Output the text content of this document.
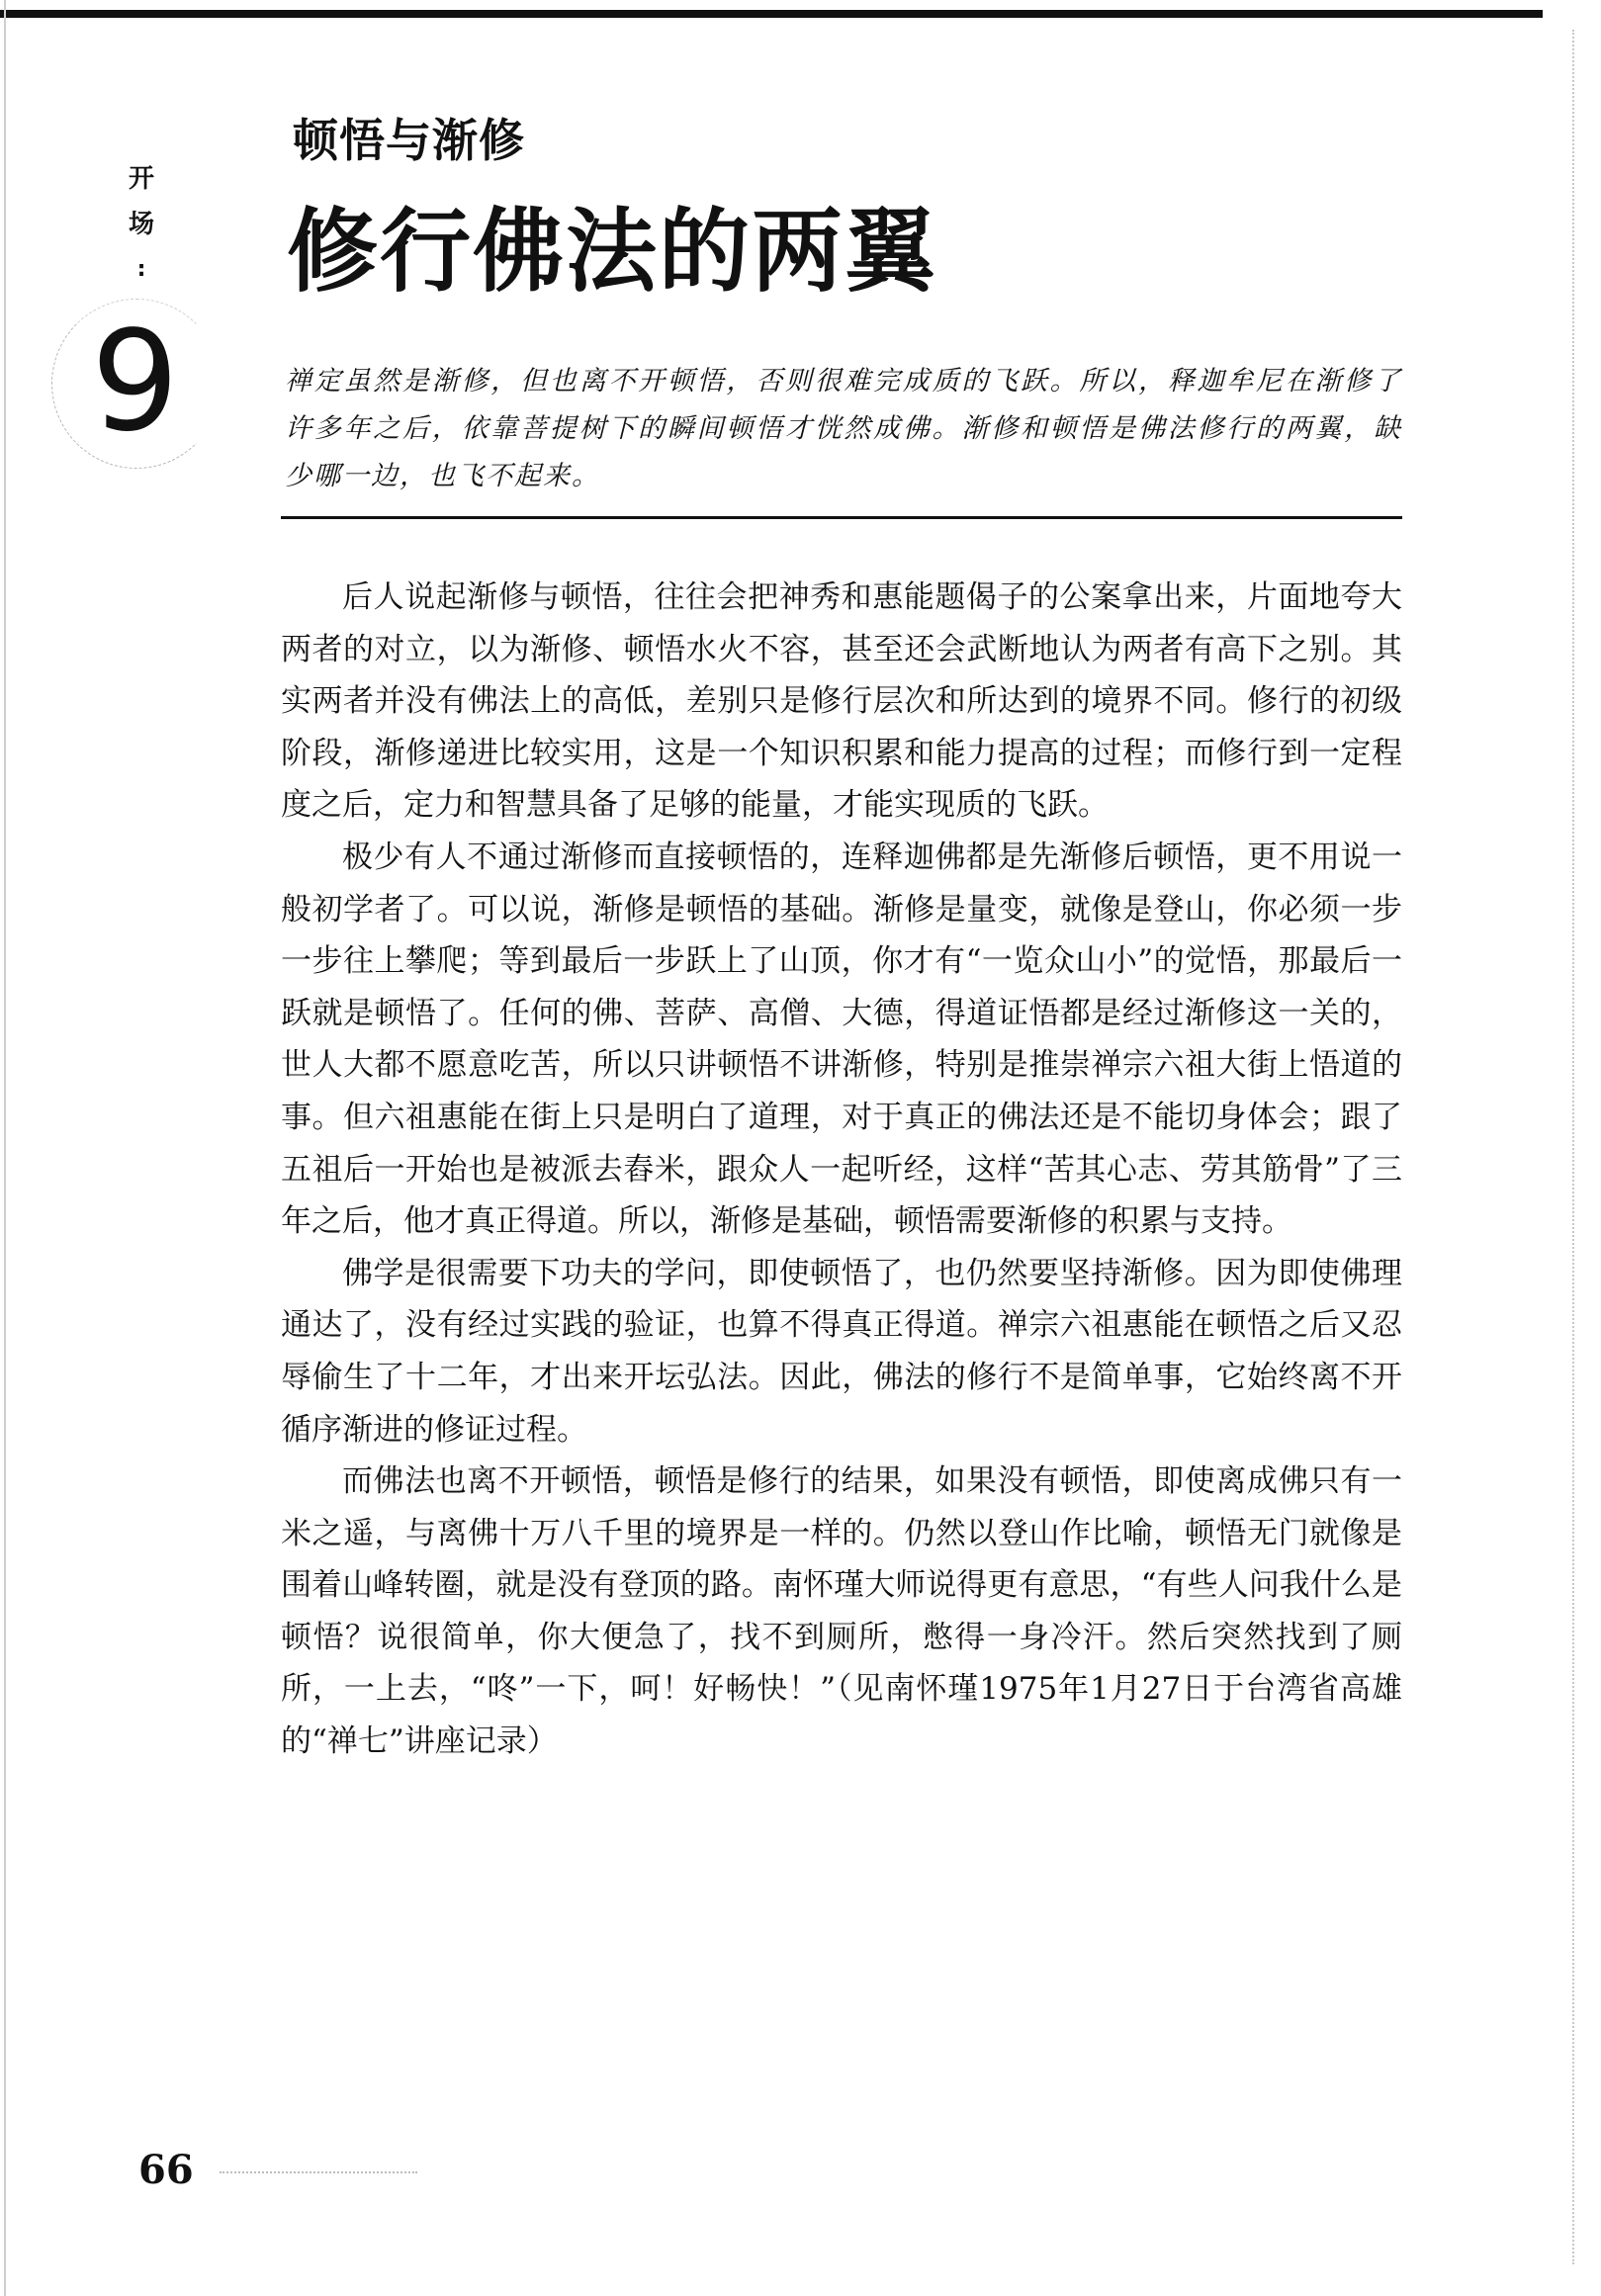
开
场
:
9
顿悟与渐修
修行佛法的两翼
禅定虽然是渐修，但也离不开顿悟，否则很难完成质的飞跃。所以，释迦牟尼在渐修了许多年之后，依靠菩提树下的瞬间顿悟才恍然成佛。渐修和顿悟是佛法修行的两翼，缺少哪一边，也飞不起来。

后人说起渐修与顿悟，往往会把神秀和惠能题偈子的公案拿出来，片面地夸大两者的对立，以为渐修、顿悟水火不容，甚至还会武断地认为两者有高下之别。其实两者并没有佛法上的高低，差别只是修行层次和所达到的境界不同。修行的初级阶段，渐修递进比较实用，这是一个知识积累和能力提高的过程；而修行到一定程度之后，定力和智慧具备了足够的能量，才能实现质的飞跃。

极少有人不通过渐修而直接顿悟的，连释迦佛都是先渐修后顿悟，更不用说一般初学者了。可以说，渐修是顿悟的基础。渐修是量变，就像是登山，你必须一步一步往上攀爬；等到最后一步跃上了山顶，你才有“一览众山小”的觉悟，那最后一跃就是顿悟了。任何的佛、菩萨、高僧、大德，得道证悟都是经过渐修这一关的，世人大都不愿意吃苦，所以只讲顿悟不讲渐修，特别是推崇禅宗六祖大街上悟道的事。但六祖惠能在街上只是明白了道理，对于真正的佛法还是不能切身体会；跟了五祖后一开始也是被派去舂米，跟众人一起听经，这样“苦其心志、劳其筋骨”了三年之后，他才真正得道。所以，渐修是基础，顿悟需要渐修的积累与支持。

佛学是很需要下功夫的学问，即使顿悟了，也仍然要坚持渐修。因为即使佛理通达了，没有经过实践的验证，也算不得真正得道。禅宗六祖惠能在顿悟之后又忍辱偷生了十二年，才出来开坛弘法。因此，佛法的修行不是简单事，它始终离不开循序渐进的修证过程。

而佛法也离不开顿悟，顿悟是修行的结果，如果没有顿悟，即使离成佛只有一米之遥，与离佛十万八千里的境界是一样的。仍然以登山作比喻，顿悟无门就像是围着山峰转圈，就是没有登顶的路。南怀瑾大师说得更有意思，“有些人问我什么是顿悟？说很简单，你大便急了，找不到厕所，憋得一身冷汗。然后突然找到了厕所，一上去，“咚”一下，呵！好畅快！”（见南怀瑾1975年1月27日于台湾省高雄的“禅七”讲座记录）

66
